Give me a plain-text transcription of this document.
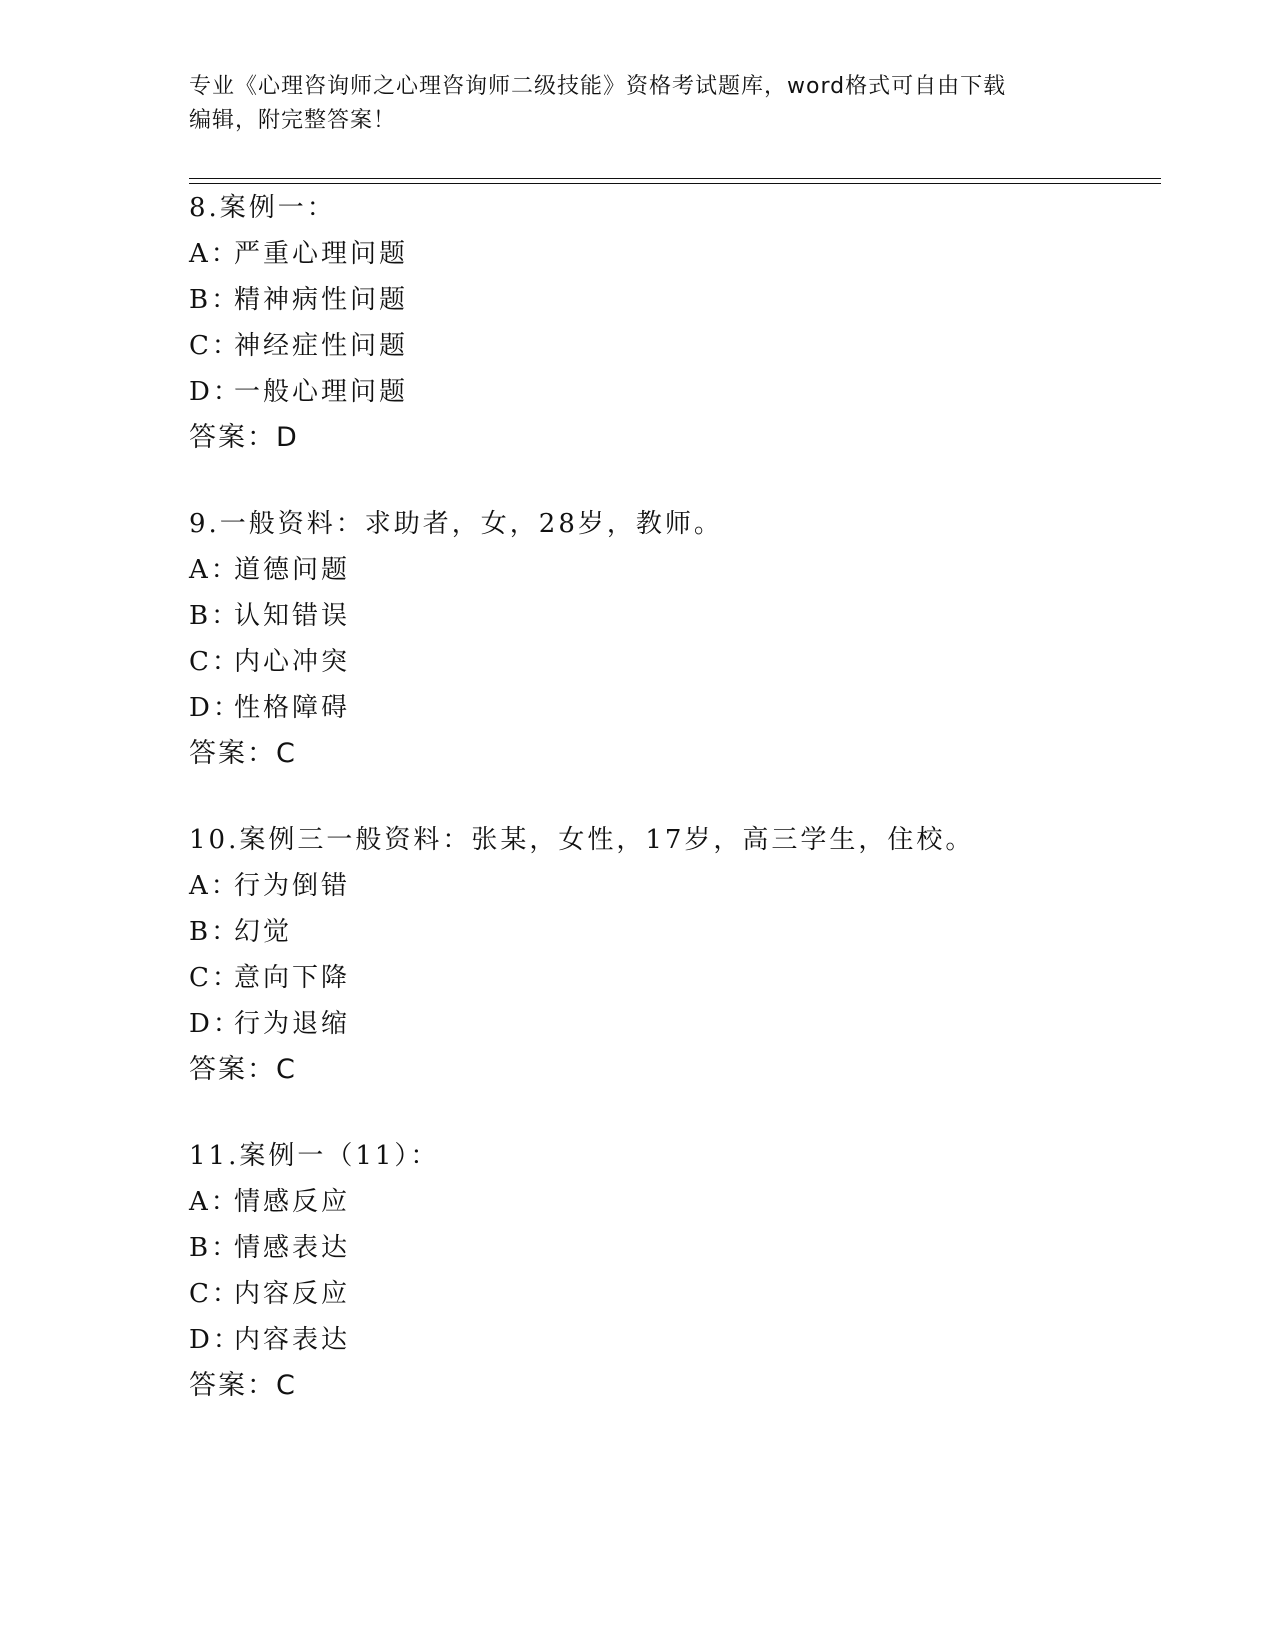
专业《心理咨询师之心理咨询师二级技能》资格考试题库，word格式可自由下载
编辑，附完整答案！
8.案例一：
A：严重心理问题
B：精神病性问题
C：神经症性问题
D：一般心理问题
答案：D
9.一般资料：求助者，女，28岁，教师。
A：道德问题
B：认知错误
C：内心冲突
D：性格障碍
答案：C
10.案例三一般资料：张某，女性，17岁，高三学生，住校。
A：行为倒错
B：幻觉
C：意向下降
D：行为退缩
答案：C
11.案例一（11）：
A：情感反应
B：情感表达
C：内容反应
D：内容表达
答案：C
